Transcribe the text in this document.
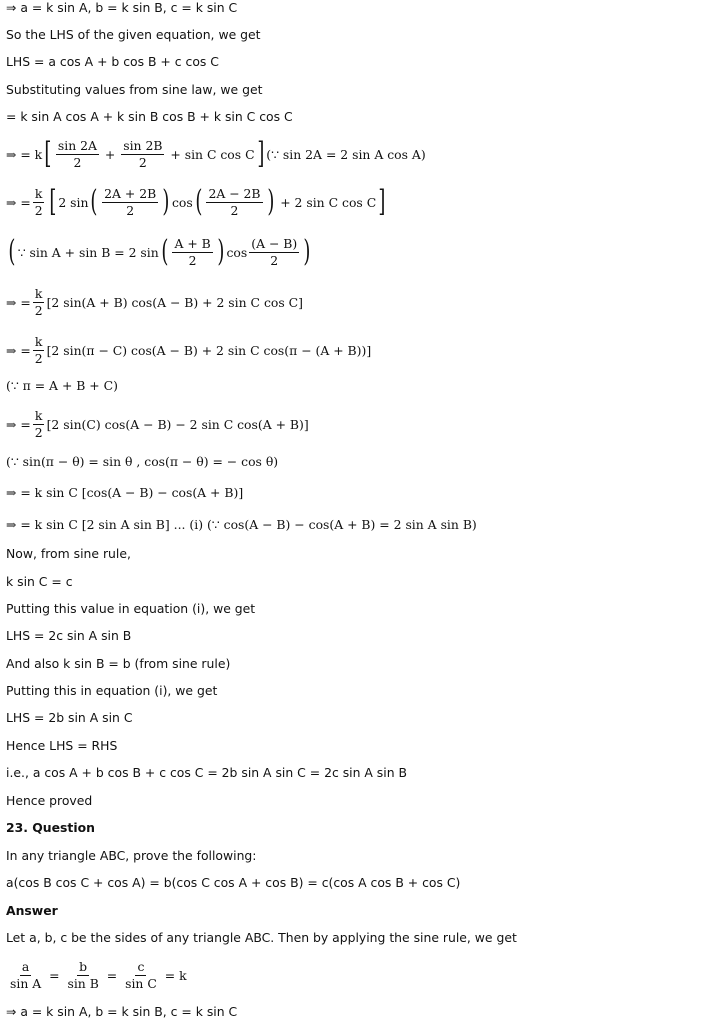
⇒ a = k sin A, b = k sin B, c = k sin C
So the LHS of the given equation, we get
LHS = a cos A + b cos B + c cos C
Substituting values from sine law, we get
= k sin A cos A + k sin B cos B + k sin C cos C
⇒ = k [ $\frac{\sin 2A}{2} + \frac{\sin 2B}{2} + \sin C$ cos C ] (∵ sin 2A = 2 sin A cos A)
⇒ = $\frac{k}{2}$ [ 2 sin ( $\frac{2A + 2B}{2}$ ) cos ( $\frac{2A - 2B}{2}$ ) + 2 sin C cos C ]
( ∵ sin A + sin B = 2 sin ( $\frac{A + B}{2}$ ) $\cos \frac{(A - B)}{2}$ )
⇒ = $\frac{k}{2} [2$ sin(A + B) cos(A − B) + 2 sin C cos C]
⇒ = $\frac{k}{2} [2$ sin(π − C) cos(A − B) + 2 sin C cos(π − (A + B))]
(∵ π = A + B + C)
⇒ = $\frac{k}{2} [2$ sin(C) cos(A − B) − 2 sin C cos(A + B)]
(∵ sin(π − θ) = sin θ , cos(π − θ) = − cos θ)
⇒ = k sin C [cos(A − B) − cos(A + B)]
⇒ = k sin C [2 sin A sin B] ... (i) (∵ cos(A − B) − cos(A + B) = 2 sin A sin B)
Now, from sine rule,
k sin C = c
Putting this value in equation (i), we get
LHS = 2c sin A sin B
And also k sin B = b (from sine rule)
Putting this in equation (i), we get
LHS = 2b sin A sin C
Hence LHS = RHS
i.e., a cos A + b cos B + c cos C = 2b sin A sin C = 2c sin A sin B
Hence proved
23. Question
In any triangle ABC, prove the following:
a(cos B cos C + cos A) = b(cos C cos A + cos B) = c(cos A cos B + cos C)
Answer
Let a, b, c be the sides of any triangle ABC. Then by applying the sine rule, we get
$\frac{a}{\text{sin A}} = \frac{b}{\text{sin B}} = \frac{c}{\text{sin C}} = k$
⇒ a = k sin A, b = k sin B, c = k sin C
